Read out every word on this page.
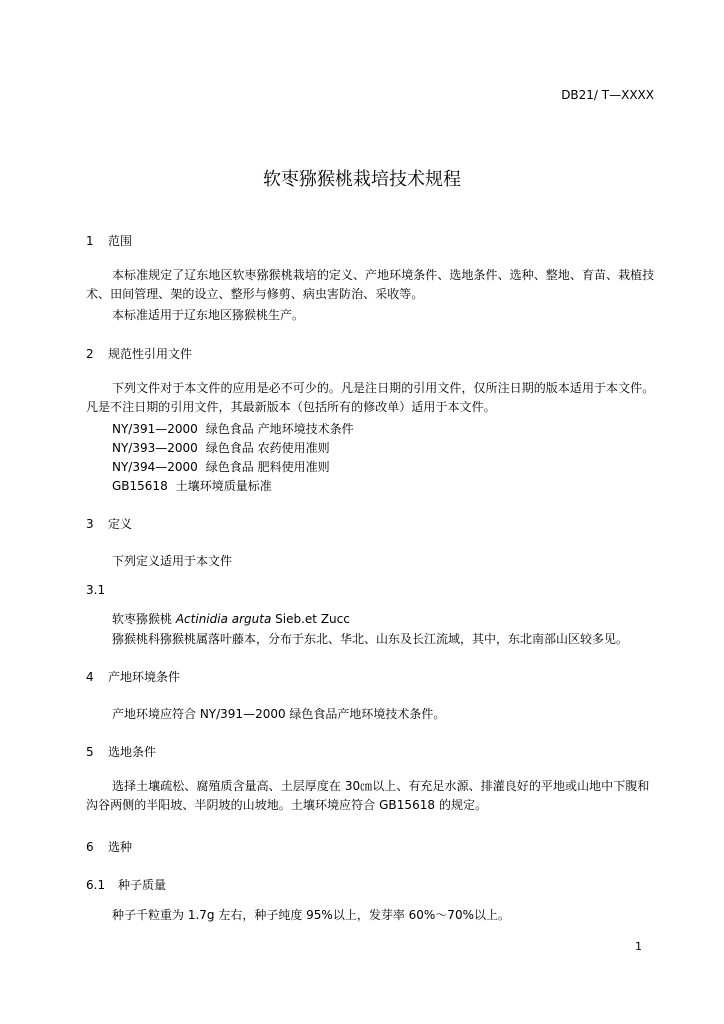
DB21/ T—XXXX
软枣猕猴桃栽培技术规程
1 范围
本标准规定了辽东地区软枣猕猴桃栽培的定义、产地环境条件、选地条件、选种、整地、育苗、栽植技术、田间管理、架的设立、整形与修剪、病虫害防治、采收等。
本标准适用于辽东地区猕猴桃生产。
2 规范性引用文件
下列文件对于本文件的应用是必不可少的。凡是注日期的引用文件，仅所注日期的版本适用于本文件。凡是不注日期的引用文件，其最新版本（包括所有的修改单）适用于本文件。
NY/391—2000 绿色食品 产地环境技术条件
NY/393—2000 绿色食品 农药使用准则
NY/394—2000 绿色食品 肥料使用准则
GB15618 土壤环境质量标准
3 定义
下列定义适用于本文件
3.1
软枣猕猴桃 Actinidia arguta Sieb.et Zucc
猕猴桃科猕猴桃属落叶藤本，分布于东北、华北、山东及长江流域，其中，东北南部山区较多见。
4 产地环境条件
产地环境应符合 NY/391—2000 绿色食品产地环境技术条件。
5 选地条件
选择土壤疏松、腐殖质含量高、土层厚度在 30㎝以上、有充足水源、排灌良好的平地或山地中下腹和沟谷两侧的半阳坡、半阴坡的山坡地。土壤环境应符合 GB15618 的规定。
6 选种
6.1 种子质量
种子千粒重为 1.7g 左右，种子纯度 95%以上，发芽率 60%～70%以上。
1
